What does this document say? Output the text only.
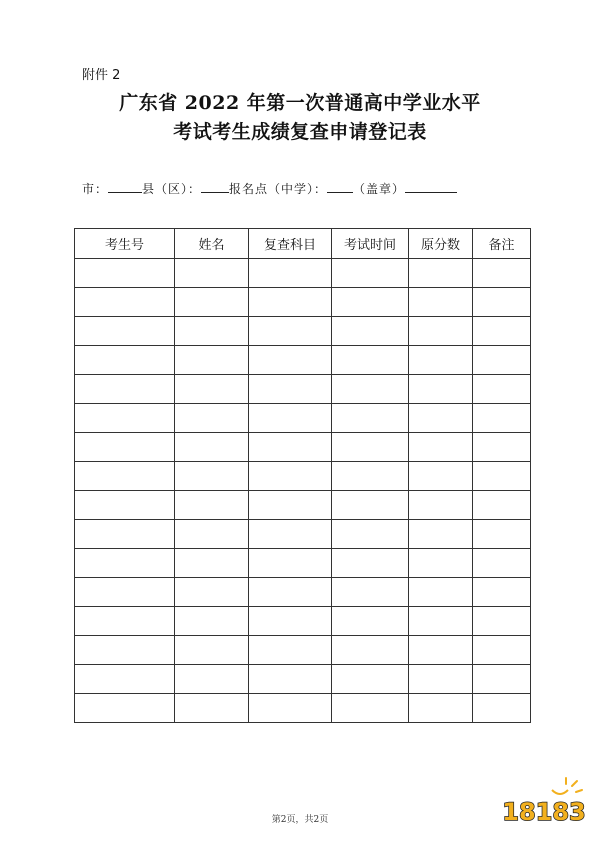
附件 2
广东省 2022 年第一次普通高中学业水平
考试考生成绩复查申请登记表
市：	县（区）： 报名点（中学）： （盖章）
考生号	姓名	复查科目	考试时间	原分数	备注

第2页，共2页	18183
